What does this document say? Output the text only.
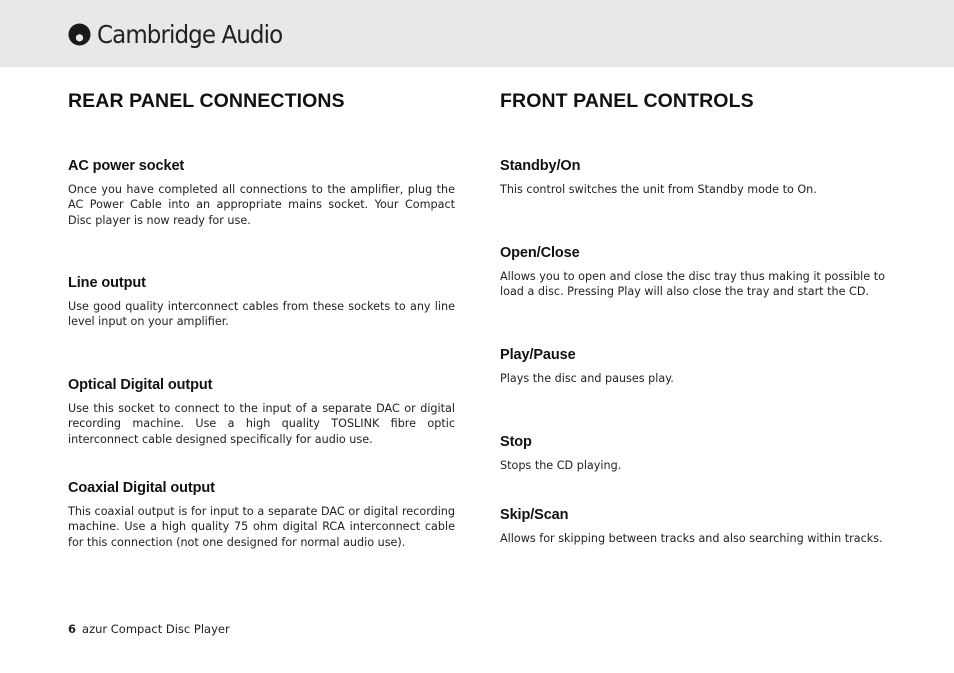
Cambridge Audio
REAR PANEL CONNECTIONS
AC power socket

Once you have completed all connections to the amplifier, plug the AC Power Cable into an appropriate mains socket. Your Compact Disc player is now ready for use.

Line output

Use good quality interconnect cables from these sockets to any line level input on your amplifier.

Optical Digital output

Use this socket to connect to the input of a separate DAC or digital recording machine. Use a high quality TOSLINK fibre optic interconnect cable designed specifically for audio use.

Coaxial Digital output

This coaxial output is for input to a separate DAC or digital recording machine. Use a high quality 75 ohm digital RCA interconnect cable for this connection (not one designed for normal audio use).

FRONT PANEL CONTROLS
Standby/On

This control switches the unit from Standby mode to On.

Open/Close

Allows you to open and close the disc tray thus making it possible to load a disc. Pressing Play will also close the tray and start the CD.

Play/Pause

Plays the disc and pauses play.

Stop

Stops the CD playing.

Skip/Scan

Allows for skipping between tracks and also searching within tracks.

6 azur Compact Disc Player
